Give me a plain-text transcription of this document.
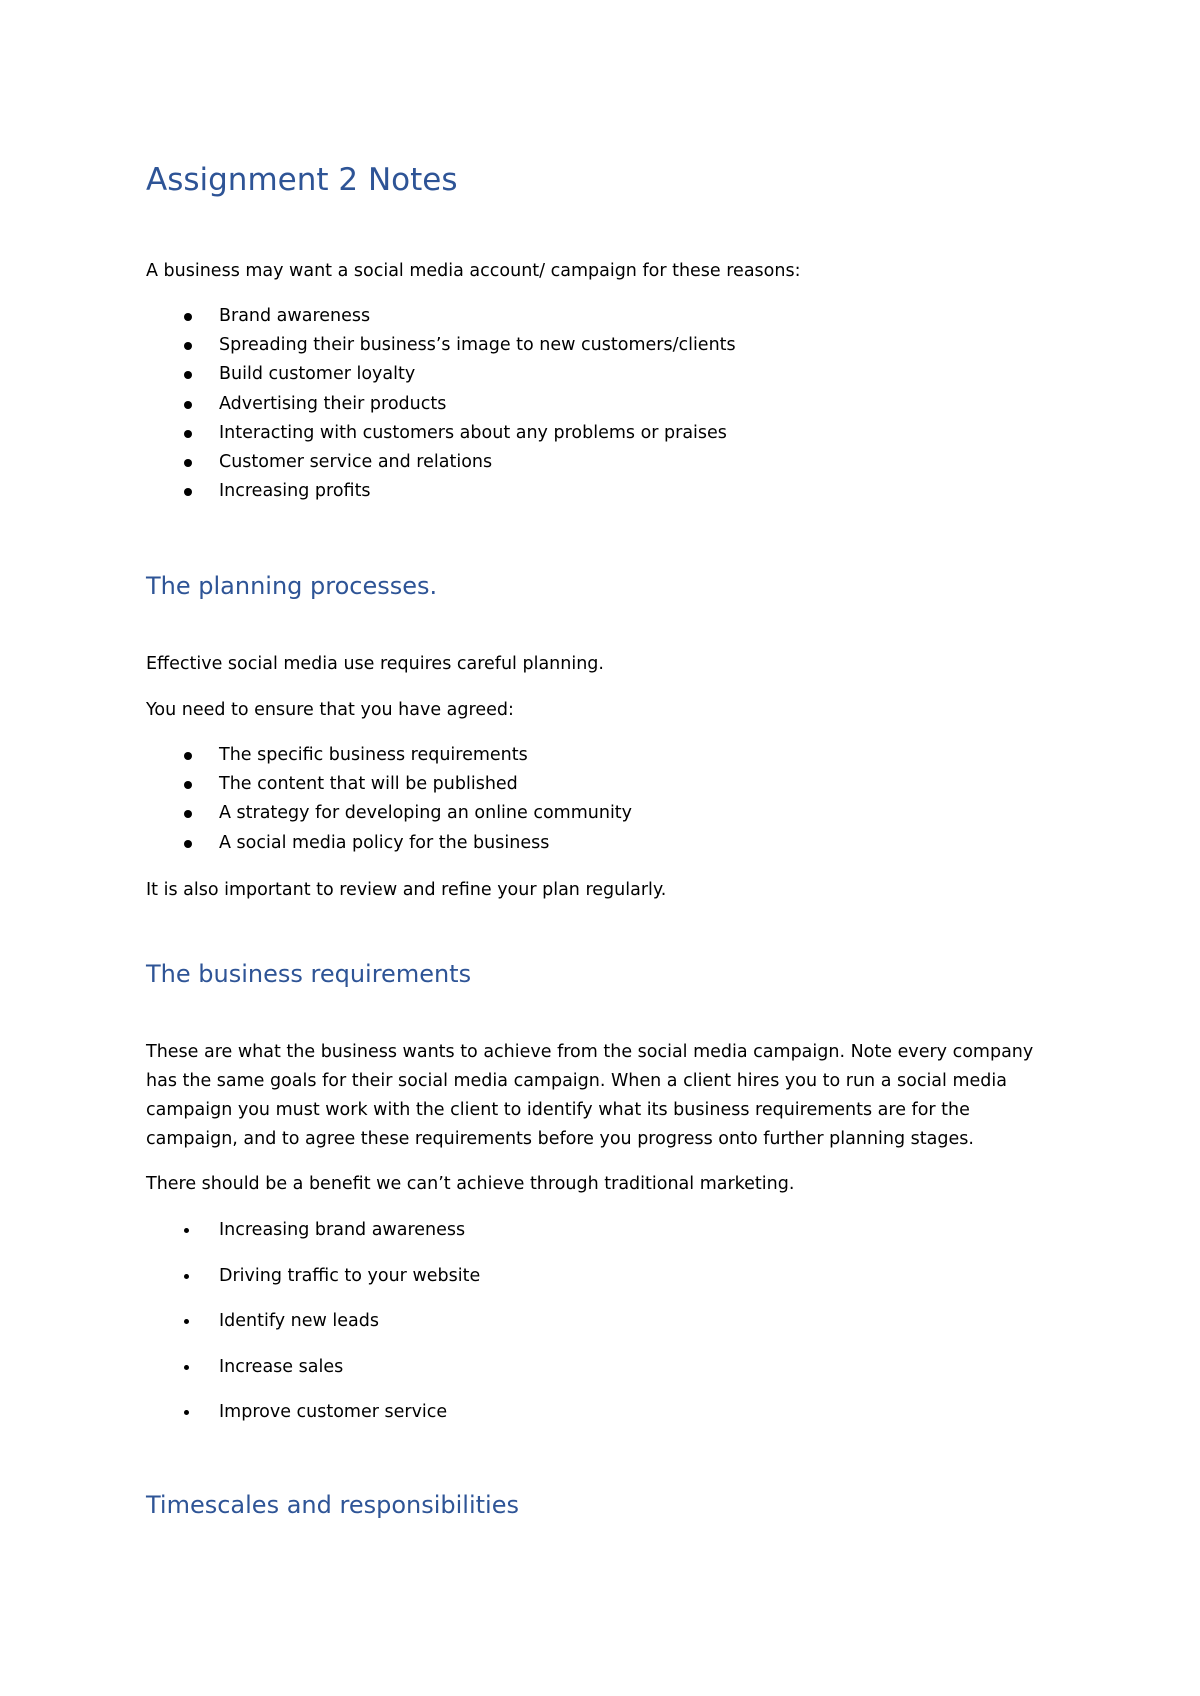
Assignment 2 Notes

A business may want a social media account/ campaign for these reasons:

Brand awareness
Spreading their business’s image to new customers/clients
Build customer loyalty
Advertising their products
Interacting with customers about any problems or praises
Customer service and relations
Increasing profits
The planning processes.

Effective social media use requires careful planning.

You need to ensure that you have agreed:

The specific business requirements
The content that will be published
A strategy for developing an online community
A social media policy for the business

It is also important to review and refine your plan regularly.

The business requirements

These are what the business wants to achieve from the social media campaign. Note every company has the same goals for their social media campaign. When a client hires you to run a social media campaign you must work with the client to identify what its business requirements are for the campaign, and to agree these requirements before you progress onto further planning stages.

There should be a benefit we can’t achieve through traditional marketing.

Increasing brand awareness
Driving traffic to your website
Identify new leads
Increase sales
Improve customer service
Timescales and responsibilities
